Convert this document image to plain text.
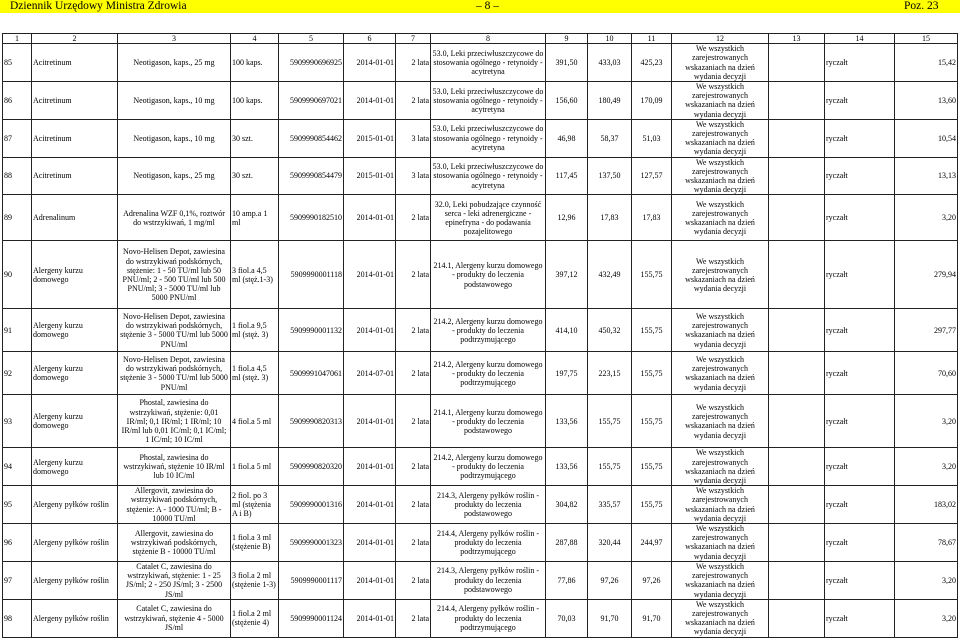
Dziennik Urzędowy Ministra Zdrowia	– 8 –	Poz. 23
1	2	3	4	5	6	7	8	9	10	11	12	13	14	15
85	Acitretinum	Neotigason, kaps., 25 mg	100 kaps.	5909990696925	2014-01-01	2 lata	53.0, Leki przeciwłuszczycowe do stosowania ogólnego - retynoidy - acytretyna	391,50	433,03	425,23	We wszystkich zarejestrowanych wskazaniach na dzień wydania decyzji		ryczałt	15,42
86	Acitretinum	Neotigason, kaps., 10 mg	100 kaps.	5909990697021	2014-01-01	2 lata	53.0, Leki przeciwłuszczycowe do stosowania ogólnego - retynoidy - acytretyna	156,60	180,49	170,09	We wszystkich zarejestrowanych wskazaniach na dzień wydania decyzji		ryczałt	13,60
87	Acitretinum	Neotigason, kaps., 10 mg	30 szt.	5909990854462	2015-01-01	3 lata	53.0, Leki przeciwłuszczycowe do stosowania ogólnego - retynoidy - acytretyna	46,98	58,37	51,03	We wszystkich zarejestrowanych wskazaniach na dzień wydania decyzji		ryczałt	10,54
88	Acitretinum	Neotigason, kaps., 25 mg	30 szt.	5909990854479	2015-01-01	3 lata	53.0, Leki przeciwłuszczycowe do stosowania ogólnego - retynoidy - acytretyna	117,45	137,50	127,57	We wszystkich zarejestrowanych wskazaniach na dzień wydania decyzji		ryczałt	13,13
89	Adrenalinum	Adrenalina WZF 0,1%, roztwór do wstrzykiwań, 1 mg/ml	10 amp.a 1 ml	5909990182510	2014-01-01	2 lata	32.0, Leki pobudzające czynność serca - leki adrenergiczne - epinefryna - do podawania pozajelitowego	12,96	17,83	17,83	We wszystkich zarejestrowanych wskazaniach na dzień wydania decyzji		ryczałt	3,20
90	Alergeny kurzu domowego	Novo-Helisen Depot, zawiesina do wstrzykiwań podskórnych, stężenie: 1 - 50 TU/ml lub 50 PNU/ml; 2 - 500 TU/ml lub 500 PNU/ml; 3 - 5000 TU/ml lub 5000 PNU/ml	3 fiol.a 4,5 ml (stęż.1-3)	5909990001118	2014-01-01	2 lata	214.1, Alergeny kurzu domowego - produkty do leczenia podstawowego	397,12	432,49	155,75	We wszystkich zarejestrowanych wskazaniach na dzień wydania decyzji		ryczałt	279,94
91	Alergeny kurzu domowego	Novo-Helisen Depot, zawiesina do wstrzykiwań podskórnych, stężenie 3 - 5000 TU/ml lub 5000 PNU/ml	1 fiol.a 9,5 ml (stęż. 3)	5909990001132	2014-01-01	2 lata	214.2, Alergeny kurzu domowego - produkty do leczenia podtrzymującego	414,10	450,32	155,75	We wszystkich zarejestrowanych wskazaniach na dzień wydania decyzji		ryczałt	297,77
92	Alergeny kurzu domowego	Novo-Helisen Depot, zawiesina do wstrzykiwań podskórnych, stężenie 3 - 5000 TU/ml lub 5000 PNU/ml	1 fiol.a 4,5 ml (stęż. 3)	5909991047061	2014-07-01	2 lata	214.2, Alergeny kurzu domowego - produkty do leczenia podtrzymującego	197,75	223,15	155,75	We wszystkich zarejestrowanych wskazaniach na dzień wydania decyzji		ryczałt	70,60
93	Alergeny kurzu domowego	Phostal, zawiesina do wstrzykiwań, stężenie: 0,01 IR/ml; 0,1 IR/ml; 1 IR/ml; 10 IR/ml lub 0,01 IC/ml; 0,1 IC/ml; 1 IC/ml; 10 IC/ml	4 fiol.a 5 ml	5909990820313	2014-01-01	2 lata	214.1, Alergeny kurzu domowego - produkty do leczenia podstawowego	133,56	155,75	155,75	We wszystkich zarejestrowanych wskazaniach na dzień wydania decyzji		ryczałt	3,20
94	Alergeny kurzu domowego	Phostal, zawiesina do wstrzykiwań, stężenie 10 IR/ml lub 10 IC/ml	1 fiol.a 5 ml	5909990820320	2014-01-01	2 lata	214.2, Alergeny kurzu domowego - produkty do leczenia podtrzymującego	133,56	155,75	155,75	We wszystkich zarejestrowanych wskazaniach na dzień wydania decyzji		ryczałt	3,20
95	Alergeny pyłków roślin	Allergovit, zawiesina do wstrzykiwań podskórnych, stężenie: A - 1000 TU/ml; B - 10000 TU/ml	2 fiol. po 3 ml (stężenia A i B)	5909990001316	2014-01-01	2 lata	214.3, Alergeny pyłków roślin - produkty do leczenia podstawowego	304,82	335,57	155,75	We wszystkich zarejestrowanych wskazaniach na dzień wydania decyzji		ryczałt	183,02
96	Alergeny pyłków roślin	Allergovit, zawiesina do wstrzykiwań podskórnych, stężenie B - 10000 TU/ml	1 fiol.a 3 ml (stężenie B)	5909990001323	2014-01-01	2 lata	214.4, Alergeny pyłków roślin - produkty do leczenia podtrzymującego	287,88	320,44	244,97	We wszystkich zarejestrowanych wskazaniach na dzień wydania decyzji		ryczałt	78,67
97	Alergeny pyłków roślin	Catalet C, zawiesina do wstrzykiwań, stężenie: 1 - 25 JS/ml; 2 - 250 JS/ml; 3 - 2500 JS/ml	3 fiol.a 2 ml (stężenie 1-3)	5909990001117	2014-01-01	2 lata	214.3, Alergeny pyłków roślin - produkty do leczenia podstawowego	77,86	97,26	97,26	We wszystkich zarejestrowanych wskazaniach na dzień wydania decyzji		ryczałt	3,20
98	Alergeny pyłków roślin	Catalet C, zawiesina do wstrzykiwań, stężenie 4 - 5000 JS/ml	1 fiol.a 2 ml (stężenie 4)	5909990001124	2014-01-01	2 lata	214.4, Alergeny pyłków roślin - produkty do leczenia podtrzymującego	70,03	91,70	91,70	We wszystkich zarejestrowanych wskazaniach na dzień wydania decyzji		ryczałt	3,20
